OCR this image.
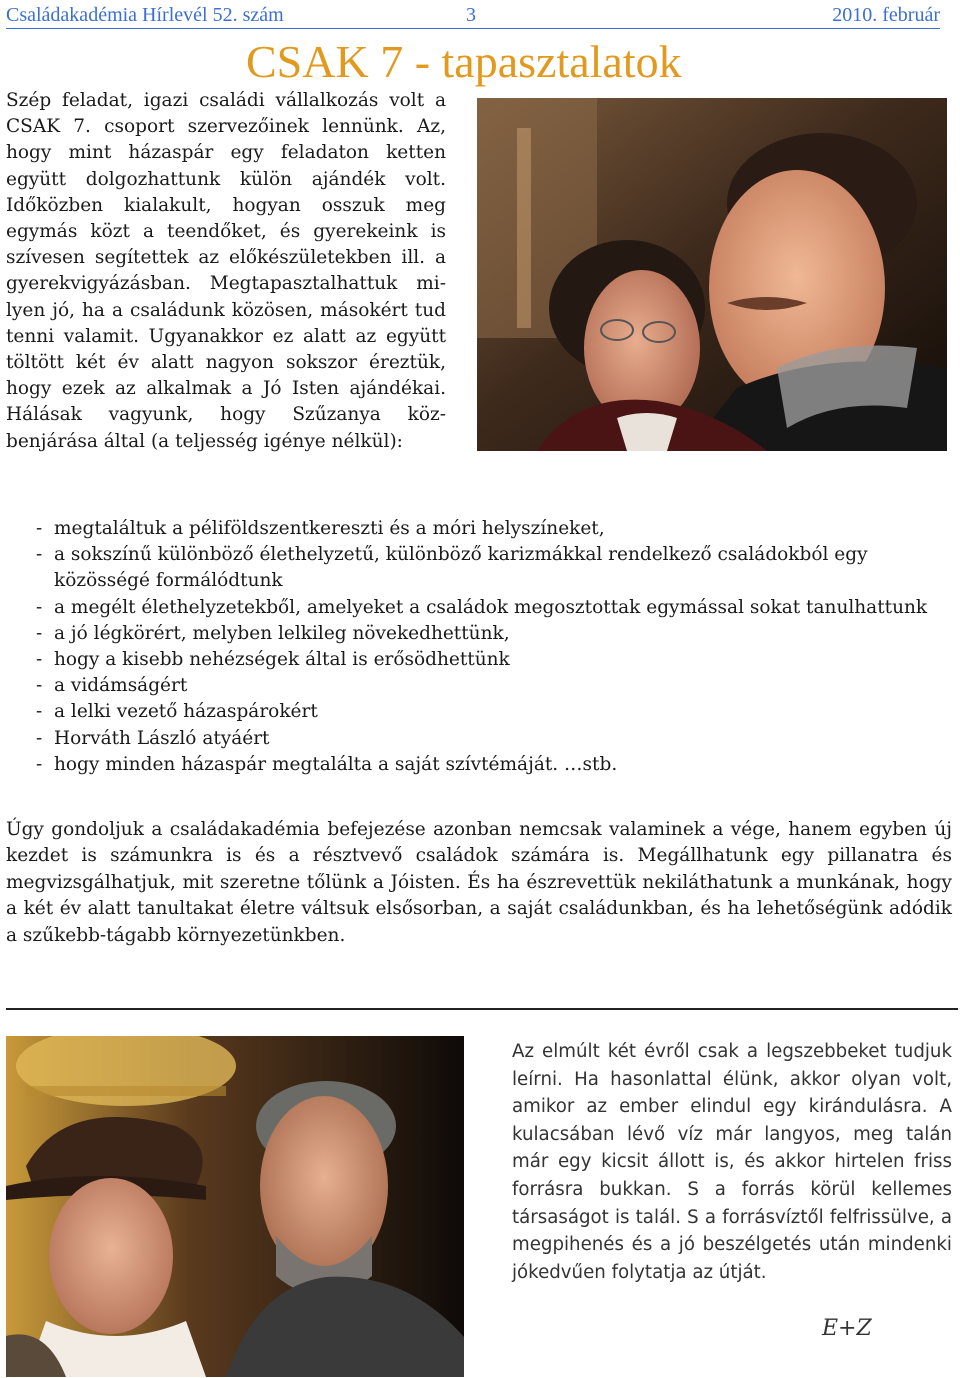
Családakadémia Hírlevél 52. szám	3	2010. február
CSAK 7 - tapasztalatok

Szép feladat, igazi családi vállalkozás volt a CSAK 7. csoport szervezőinek lennünk. Az, hogy mint házaspár egy feladaton ketten együtt dolgozhattunk külön ajándék volt. Időközben kialakult, hogyan osszuk meg egymás közt a teendőket, és gyerekeink is szívesen segítettek az előkészületekben ill. a gyerekvigyázásban. Megtapasztalhattuk milyen jó, ha a családunk közösen, másokért tud tenni valamit. Ugyanakkor ez alatt az együtt töltött két év alatt nagyon sokszor éreztük, hogy ezek az alkalmak a Jó Isten ajándékai. Hálásak vagyunk, hogy Szűzanya közbenjárása által (a teljesség igénye nélkül):

- megtaláltuk a péliföldszentkereszti és a móri helyszíneket,
- a sokszínű különböző élethelyzetű, különböző karizmákkal rendelkező családokból egy közösségé formálódtunk
- a megélt élethelyzetekből, amelyeket a családok megosztottak egymással sokat tanulhattunk
- a jó légkörért, melyben lelkileg növekedhettünk,
- hogy a kisebb nehézségek által is erősödhettünk
- a vidámságért
- a lelki vezető házaspárokért
- Horváth László atyáért
- hogy minden házaspár megtalálta a saját szívtémáját. …stb.

Úgy gondoljuk a családakadémia befejezése azonban nemcsak valaminek a vége, hanem egyben új kezdet is számunkra is és a résztvevő családok számára is. Megállhatunk egy pillanatra és megvizsgálhatjuk, mit szeretne tőlünk a Jóisten. És ha észrevettük nekiláthatunk a munkának, hogy a két év alatt tanultakat életre váltsuk elsősorban, a saját családunkban, és ha lehetőségünk adódik a szűkebb-tágabb környezetünkben.

Az elmúlt két évről csak a legszebbeket tudjuk leírni. Ha hasonlattal élünk, akkor olyan volt, amikor az ember elindul egy kirándulásra. A kulacsában lévő víz már langyos, meg talán már egy kicsit állott is, és akkor hirtelen friss forrásra bukkan. S a forrás körül kellemes társaságot is talál. S a forrásvíztől felfrissülve, a megpihenés és a jó beszélgetés után mindenki jókedvűen folytatja az útját.

E+Z
